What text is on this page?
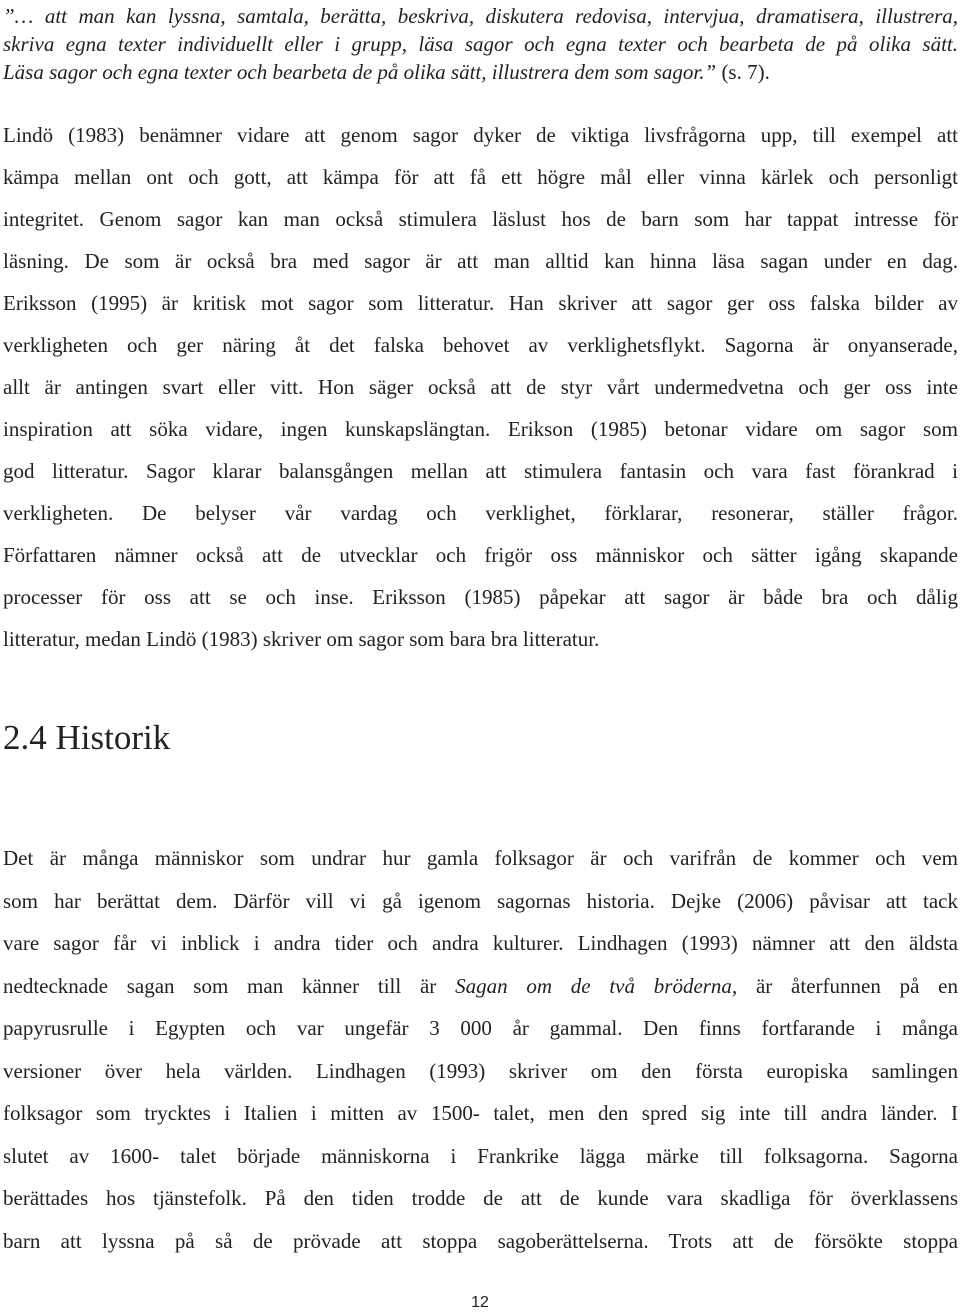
”… att man kan lyssna, samtala, berätta, beskriva, diskutera redovisa, intervjua, dramatisera, illustrera,
skriva egna texter individuellt eller i grupp, läsa sagor och egna texter och bearbeta de på olika sätt.
Läsa sagor och egna texter och bearbeta de på olika sätt, illustrera dem som sagor.” (s. 7).
Lindö (1983) benämner vidare att genom sagor dyker de viktiga livsfrågorna upp, till exempel att
kämpa mellan ont och gott, att kämpa för att få ett högre mål eller vinna kärlek och personligt
integritet. Genom sagor kan man också stimulera läslust hos de barn som har tappat intresse för
läsning. De som är också bra med sagor är att man alltid kan hinna läsa sagan under en dag.
Eriksson (1995) är kritisk mot sagor som litteratur. Han skriver att sagor ger oss falska bilder av
verkligheten och ger näring åt det falska behovet av verklighetsflykt. Sagorna är onyanserade,
allt är antingen svart eller vitt. Hon säger också att de styr vårt undermedvetna och ger oss inte
inspiration att söka vidare, ingen kunskapslängtan. Erikson (1985) betonar vidare om sagor som
god litteratur. Sagor klarar balansgången mellan att stimulera fantasin och vara fast förankrad i
verkligheten. De belyser vår vardag och verklighet, förklarar, resonerar, ställer frågor.
Författaren nämner också att de utvecklar och frigör oss människor och sätter igång skapande
processer för oss att se och inse. Eriksson (1985) påpekar att sagor är både bra och dålig
litteratur, medan Lindö (1983) skriver om sagor som bara bra litteratur.
2.4 Historik
Det är många människor som undrar hur gamla folksagor är och varifrån de kommer och vem
som har berättat dem. Därför vill vi gå igenom sagornas historia. Dejke (2006) påvisar att tack
vare sagor får vi inblick i andra tider och andra kulturer. Lindhagen (1993) nämner att den äldsta
nedtecknade sagan som man känner till är Sagan om de två bröderna, är återfunnen på en
papyrusrulle i Egypten och var ungefär 3 000 år gammal. Den finns fortfarande i många
versioner över hela världen. Lindhagen (1993) skriver om den första europiska samlingen
folksagor som trycktes i Italien i mitten av 1500- talet, men den spred sig inte till andra länder. I
slutet av 1600- talet började människorna i Frankrike lägga märke till folksagorna. Sagorna
berättades hos tjänstefolk. På den tiden trodde de att de kunde vara skadliga för överklassens
barn att lyssna på så de prövade att stoppa sagoberättelserna. Trots att de försökte stoppa
12
